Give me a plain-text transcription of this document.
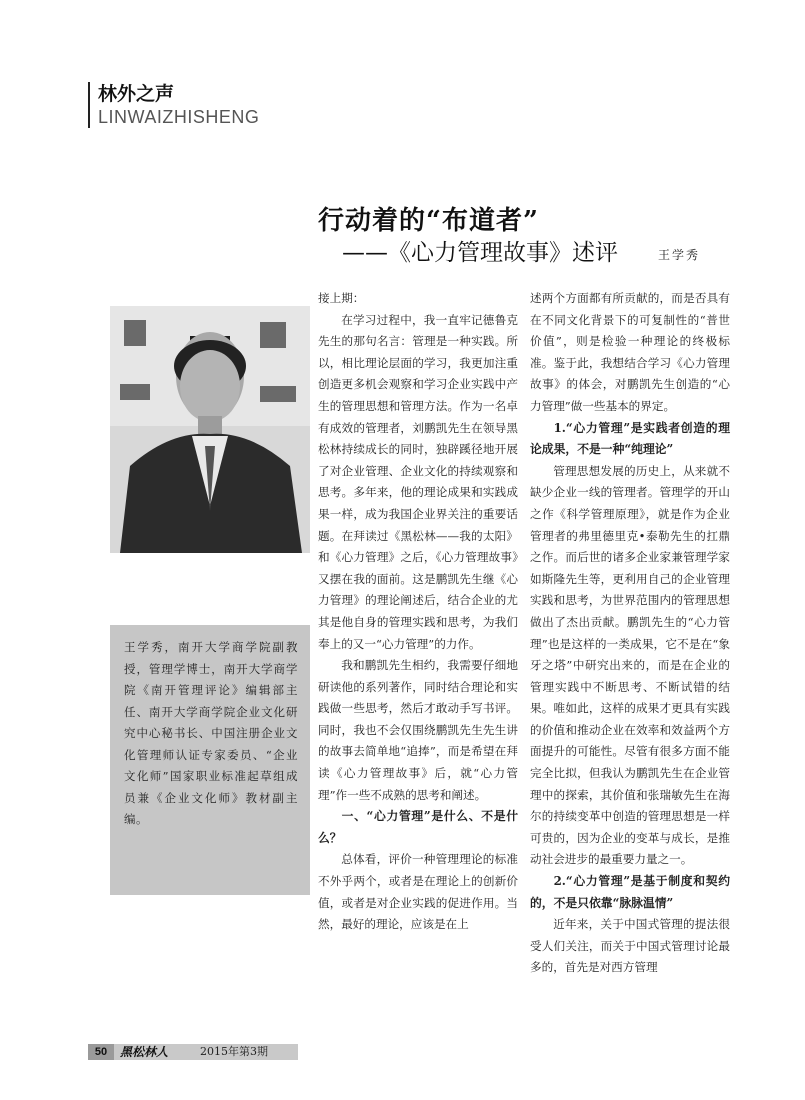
林外之声
LINWAIZHISHENG
行动着的“布道者”
——《心力管理故事》述评	王学秀
王学秀，南开大学商学院副教授，管理学博士，南开大学商学院《南开管理评论》编辑部主任、南开大学商学院企业文化研究中心秘书长、中国注册企业文化管理师认证专家委员、“企业文化师”国家职业标准起草组成员兼《企业文化师》教材副主编。

接上期：

在学习过程中，我一直牢记德鲁克先生的那句名言：管理是一种实践。所以，相比理论层面的学习，我更加注重创造更多机会观察和学习企业实践中产生的管理思想和管理方法。作为一名卓有成效的管理者，刘鹏凯先生在领导黑松林持续成长的同时，独辟蹊径地开展了对企业管理、企业文化的持续观察和思考。多年来，他的理论成果和实践成果一样，成为我国企业界关注的重要话题。在拜读过《黑松林——我的太阳》和《心力管理》之后，《心力管理故事》又摆在我的面前。这是鹏凯先生继《心力管理》的理论阐述后，结合企业的尤其是他自身的管理实践和思考，为我们奉上的又一“心力管理”的力作。

我和鹏凯先生相约，我需要仔细地研读他的系列著作，同时结合理论和实践做一些思考，然后才敢动手写书评。同时，我也不会仅围绕鹏凯先生先生讲的故事去简单地“追捧”，而是希望在拜读《心力管理故事》后，就“心力管理”作一些不成熟的思考和阐述。

一、“心力管理”是什么、不是什么？

总体看，评价一种管理理论的标准不外乎两个，或者是在理论上的创新价值，或者是对企业实践的促进作用。当然，最好的理论，应该是在上

述两个方面都有所贡献的，而是否具有在不同文化背景下的可复制性的“普世价值”，则是检验一种理论的终极标准。鉴于此，我想结合学习《心力管理故事》的体会，对鹏凯先生创造的“心力管理”做一些基本的界定。

1.“心力管理”是实践者创造的理论成果，不是一种“纯理论”

管理思想发展的历史上，从来就不缺少企业一线的管理者。管理学的开山之作《科学管理原理》，就是作为企业管理者的弗里德里克•泰勒先生的扛鼎之作。而后世的诸多企业家兼管理学家如斯隆先生等，更利用自己的企业管理实践和思考，为世界范围内的管理思想做出了杰出贡献。鹏凯先生的“心力管理”也是这样的一类成果，它不是在“象牙之塔”中研究出来的，而是在企业的管理实践中不断思考、不断试错的结果。唯如此，这样的成果才更具有实践的价值和推动企业在效率和效益两个方面提升的可能性。尽管有很多方面不能完全比拟，但我认为鹏凯先生在企业管理中的探索，其价值和张瑞敏先生在海尔的持续变革中创造的管理思想是一样可贵的，因为企业的变革与成长，是推动社会进步的最重要力量之一。

2.“心力管理”是基于制度和契约的，不是只依靠“脉脉温情”

近年来，关于中国式管理的提法很受人们关注，而关于中国式管理讨论最多的，首先是对西方管理

50	黑松林人	2015年第3期
